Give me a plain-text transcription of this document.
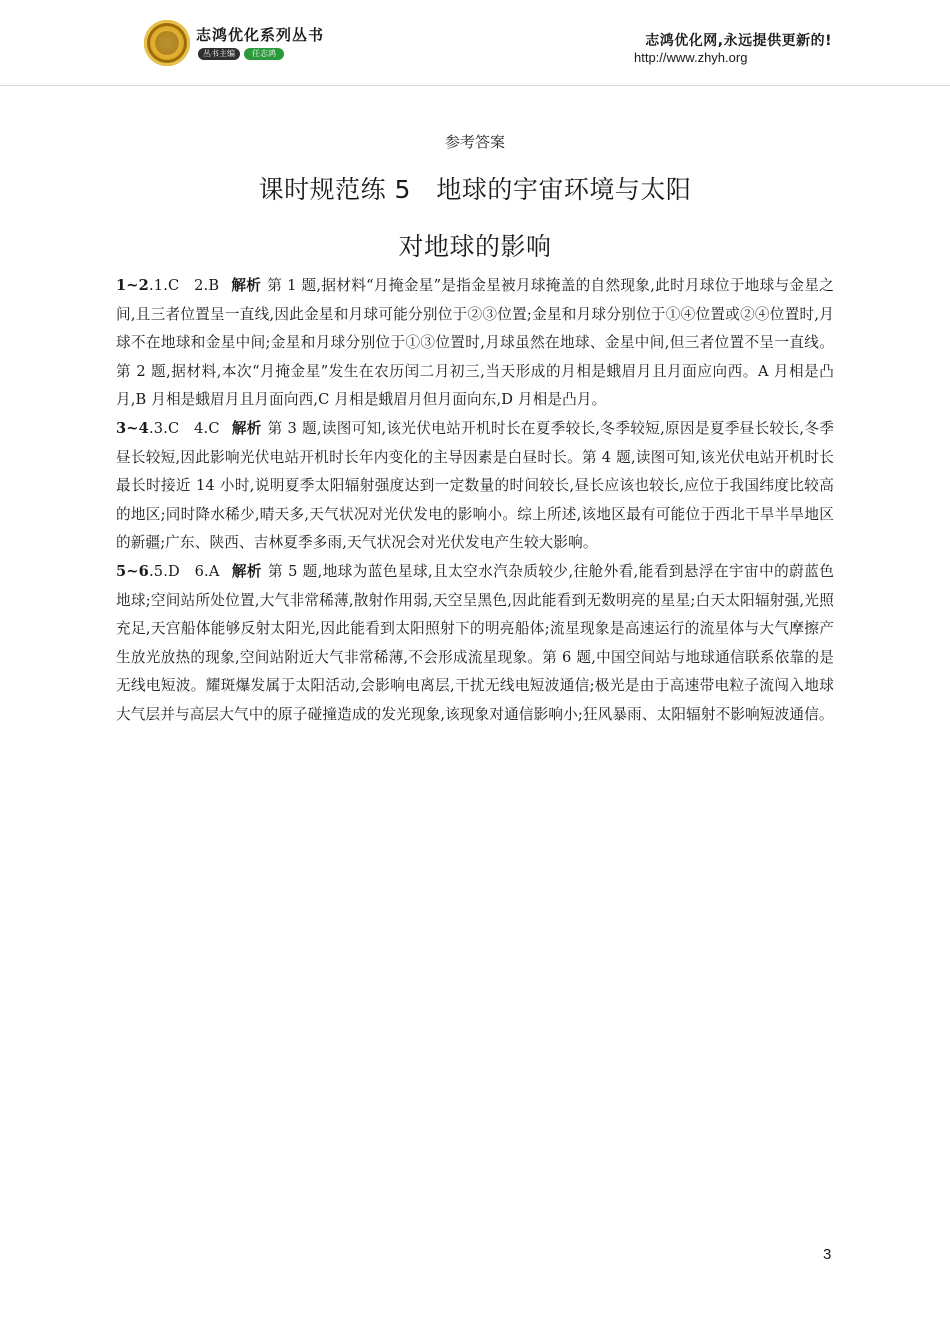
志鸿优化系列丛书
丛书主编	任志鸿
志鸿优化网,永远提供更新的!
http://www.zhyh.org
参考答案
课时规范练 5　地球的宇宙环境与太阳
对地球的影响

1~2.1.C  2.B 解析 第 1 题,据材料“月掩金星”是指金星被月球掩盖的自然现象,此时月球位于地球与金星之间,且三者位置呈一直线,因此金星和月球可能分别位于②③位置;金星和月球分别位于①④位置或②④位置时,月球不在地球和金星中间;金星和月球分别位于①③位置时,月球虽然在地球、金星中间,但三者位置不呈一直线。第 2 题,据材料,本次“月掩金星”发生在农历闰二月初三,当天形成的月相是蛾眉月且月面应向西。A 月相是凸月,B 月相是蛾眉月且月面向西,C 月相是蛾眉月但月面向东,D 月相是凸月。

3~4.3.C  4.C 解析 第 3 题,读图可知,该光伏电站开机时长在夏季较长,冬季较短,原因是夏季昼长较长,冬季昼长较短,因此影响光伏电站开机时长年内变化的主导因素是白昼时长。第 4 题,读图可知,该光伏电站开机时长最长时接近 14 小时,说明夏季太阳辐射强度达到一定数量的时间较长,昼长应该也较长,应位于我国纬度比较高的地区;同时降水稀少,晴天多,天气状况对光伏发电的影响小。综上所述,该地区最有可能位于西北干旱半旱地区的新疆;广东、陕西、吉林夏季多雨,天气状况会对光伏发电产生较大影响。

5~6.5.D  6.A 解析 第 5 题,地球为蓝色星球,且太空水汽杂质较少,往舱外看,能看到悬浮在宇宙中的蔚蓝色地球;空间站所处位置,大气非常稀薄,散射作用弱,天空呈黑色,因此能看到无数明亮的星星;白天太阳辐射强,光照充足,天宫船体能够反射太阳光,因此能看到太阳照射下的明亮船体;流星现象是高速运行的流星体与大气摩擦产生放光放热的现象,空间站附近大气非常稀薄,不会形成流星现象。第 6 题,中国空间站与地球通信联系依靠的是无线电短波。耀斑爆发属于太阳活动,会影响电离层,干扰无线电短波通信;极光是由于高速带电粒子流闯入地球大气层并与高层大气中的原子碰撞造成的发光现象,该现象对通信影响小;狂风暴雨、太阳辐射不影响短波通信。

3
